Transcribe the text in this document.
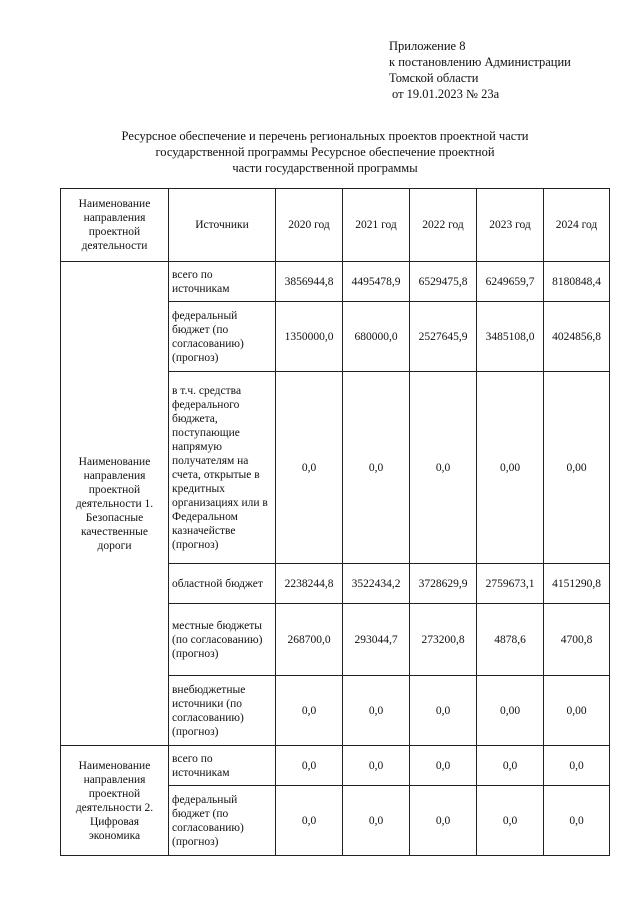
Приложение 8
к постановлению Администрации
Томской области
от 19.01.2023 № 23а
Ресурсное обеспечение и перечень региональных проектов проектной части
государственной программы Ресурсное обеспечение проектной
части государственной программы
Наименование направления проектной деятельности	Источники	2020 год	2021 год	2022 год	2023 год	2024 год
Наименование направления проектной деятельности 1. Безопасные качественные дороги	всего по источникам	3856944,8	4495478,9	6529475,8	6249659,7	8180848,4
	федеральный бюджет (по согласованию) (прогноз)	1350000,0	680000,0	2527645,9	3485108,0	4024856,8
	в т.ч. средства федерального бюджета, поступающие напрямую получателям на счета, открытые в кредитных организациях или в Федеральном казначействе (прогноз)	0,0	0,0	0,0	0,00	0,00
	областной бюджет	2238244,8	3522434,2	3728629,9	2759673,1	4151290,8
	местные бюджеты (по согласованию) (прогноз)	268700,0	293044,7	273200,8	4878,6	4700,8
	внебюджетные источники (по согласованию) (прогноз)	0,0	0,0	0,0	0,00	0,00
Наименование направления проектной деятельности 2. Цифровая экономика	всего по источникам	0,0	0,0	0,0	0,0	0,0
	федеральный бюджет (по согласованию) (прогноз)	0,0	0,0	0,0	0,0	0,0
